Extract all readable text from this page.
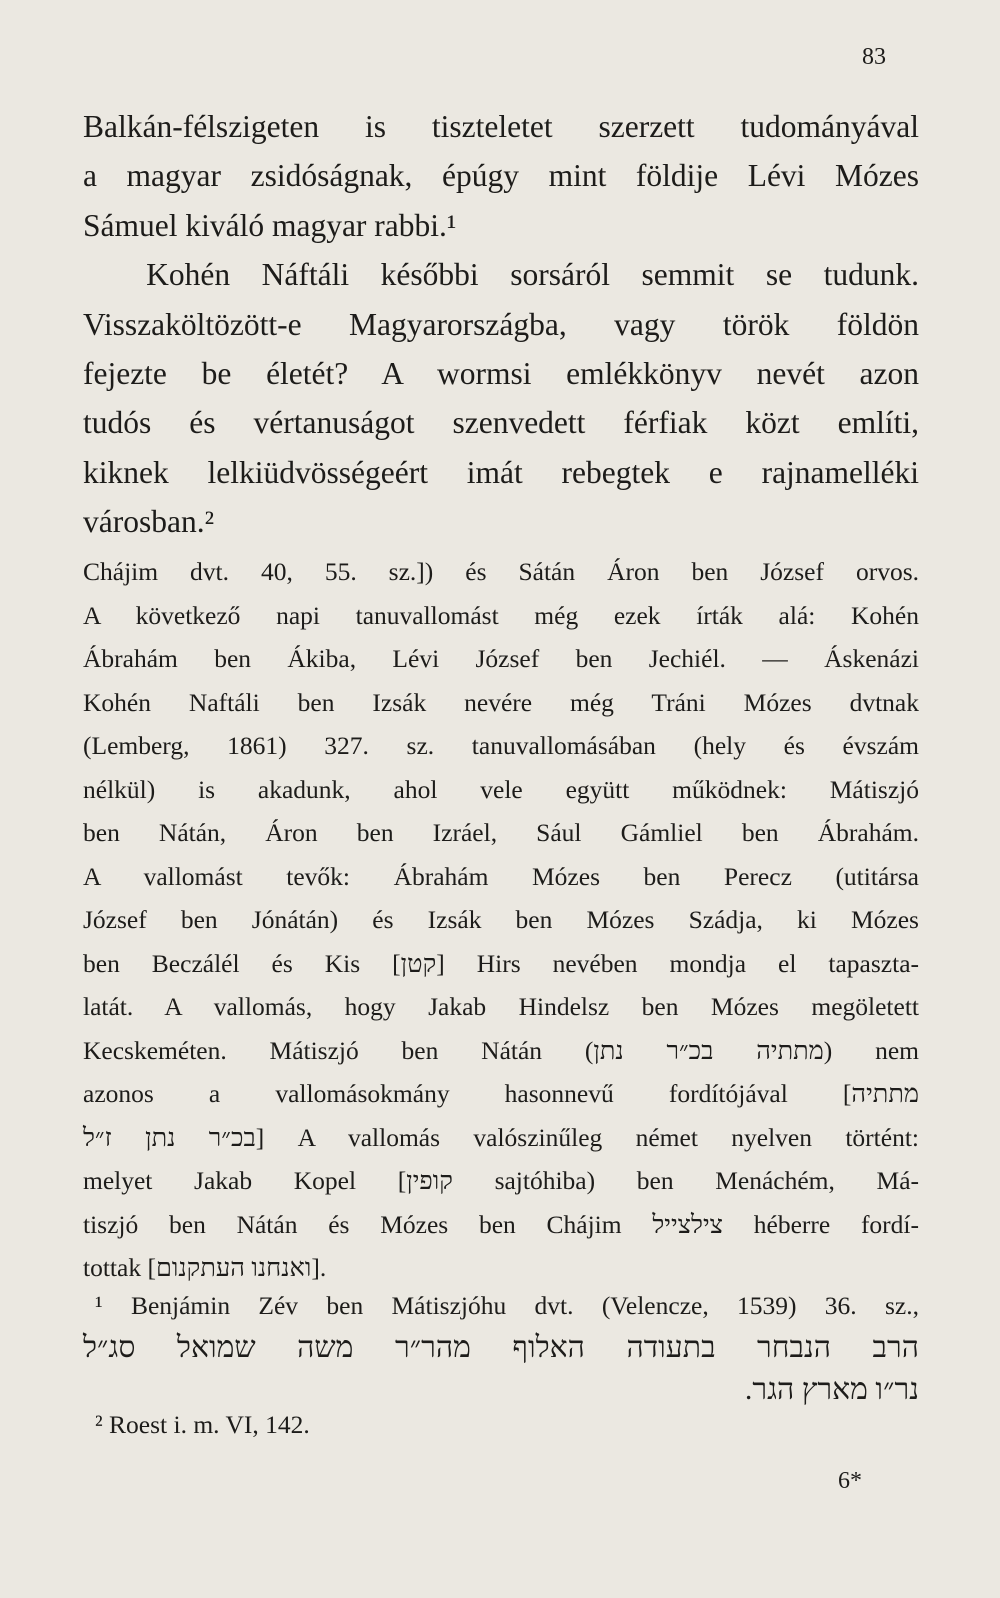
83
Balkán-félszigeten is tiszteletet szerzett tudományával
a magyar zsidóságnak, épúgy mint földije Lévi Mózes
Sámuel kiváló magyar rabbi.¹
Kohén Náftáli későbbi sorsáról semmit se tudunk.
Visszaköltözött-e Magyarországba, vagy török földön
fejezte be életét? A wormsi emlékkönyv nevét azon
tudós és vértanuságot szenvedett férfiak közt említi,
kiknek lelkiüdvösségeért imát rebegtek e rajnamelléki
városban.²
Chájim dvt. 40, 55. sz.]) és Sátán Áron ben József orvos.
A következő napi tanuvallomást még ezek írták alá: Kohén
Ábrahám ben Ákiba, Lévi József ben Jechiél. — Áskenázi
Kohén Naftáli ben Izsák nevére még Tráni Mózes dvtnak
(Lemberg, 1861) 327. sz. tanuvallomásában (hely és évszám
nélkül) is akadunk, ahol vele együtt működnek: Mátiszjó
ben Nátán, Áron ben Izráel, Sául Gámliel ben Ábrahám.
A vallomást tevők: Ábrahám Mózes ben Perecz (utitársa
József ben Jónátán) és Izsák ben Mózes Szádja, ki Mózes
ben Beczálél és Kis [קטן] Hirs nevében mondja el tapaszta-
latát. A vallomás, hogy Jakab Hindelsz ben Mózes megöletett
Kecskeméten. Mátiszjó ben Nátán (מתתיה בכ״ר נתן) nem
azonos a vallomásokmány hasonnevű fordítójával [מתתיה
בכ״ר נתן ז״ל] A vallomás valószinűleg német nyelven történt:
melyet Jakab Kopel [קופין sajtóhiba) ben Menáchém, Má-
tiszjó ben Nátán és Mózes ben Chájim צילצייל héberre fordí-
tottak [ואנחנו העתקנום].
¹ Benjámin Zév ben Mátiszjóhu dvt. (Velencze, 1539) 36. sz.,
הרב הנבחר בתעודה האלוף מהר״ר משה שמואל סג״ל
נר״ו מארץ הגר.
² Roest i. m. VI, 142.
6*
